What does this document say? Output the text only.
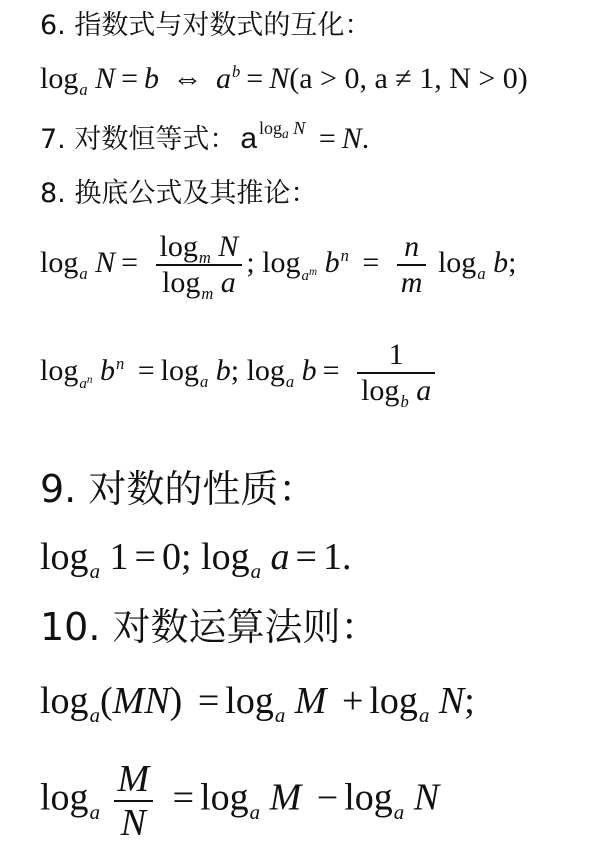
6. 指数式与对数式的互化：
$\log_a N = b$ ⇔ $a^b = N(a > 0$, a ≠ 1, N > 0)
7. 对数恒等式： a $^{log_a N}$ = N.
8. 换底公式及其推论：
$\log_a N = \frac{\log_m N}{\log_m a}$ ; $\log_{a^m} b^n = \frac{n}{m} \log_a b$;
$\log_{a^n} b^n = \log_a b$; $\log_a b = \frac{1}{\log_b a}$
9. 对数的性质：
$\log_a 1 = 0$; $\log_a a = 1$.
10. 对数运算法则：
$\log_a(MN) = \log_a M + \log_a N$;
$\log_a \frac{M}{N} = \log_a M - \log_a N$
